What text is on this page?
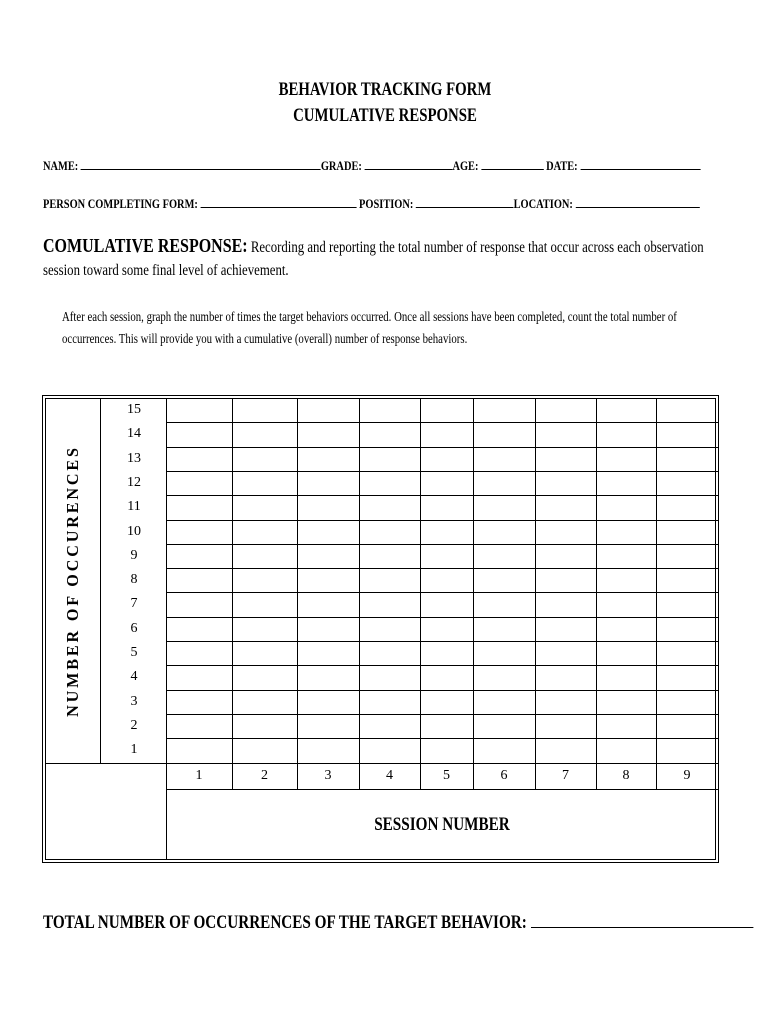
BEHAVIOR TRACKING FORM
CUMULATIVE RESPONSE
NAME:	GRADE:	AGE:	DATE:
PERSON COMPLETING FORM:	POSITION:	LOCATION:
COMULATIVE RESPONSE: Recording and reporting the total number of response that occur across each observation session toward some final level of achievement.
After each session, graph the number of times the target behaviors occurred. Once all sessions have been completed, count the total number of occurrences. This will provide you with a cumulative (overall) number of response behaviors.
NUMBER OF OCCURENCES
15
14
13
12
11
10
9
8
7
6
5
4
3
2
1
1	2	3	4	5	6	7	8	9
SESSION NUMBER
TOTAL NUMBER OF OCCURRENCES OF THE TARGET BEHAVIOR:
